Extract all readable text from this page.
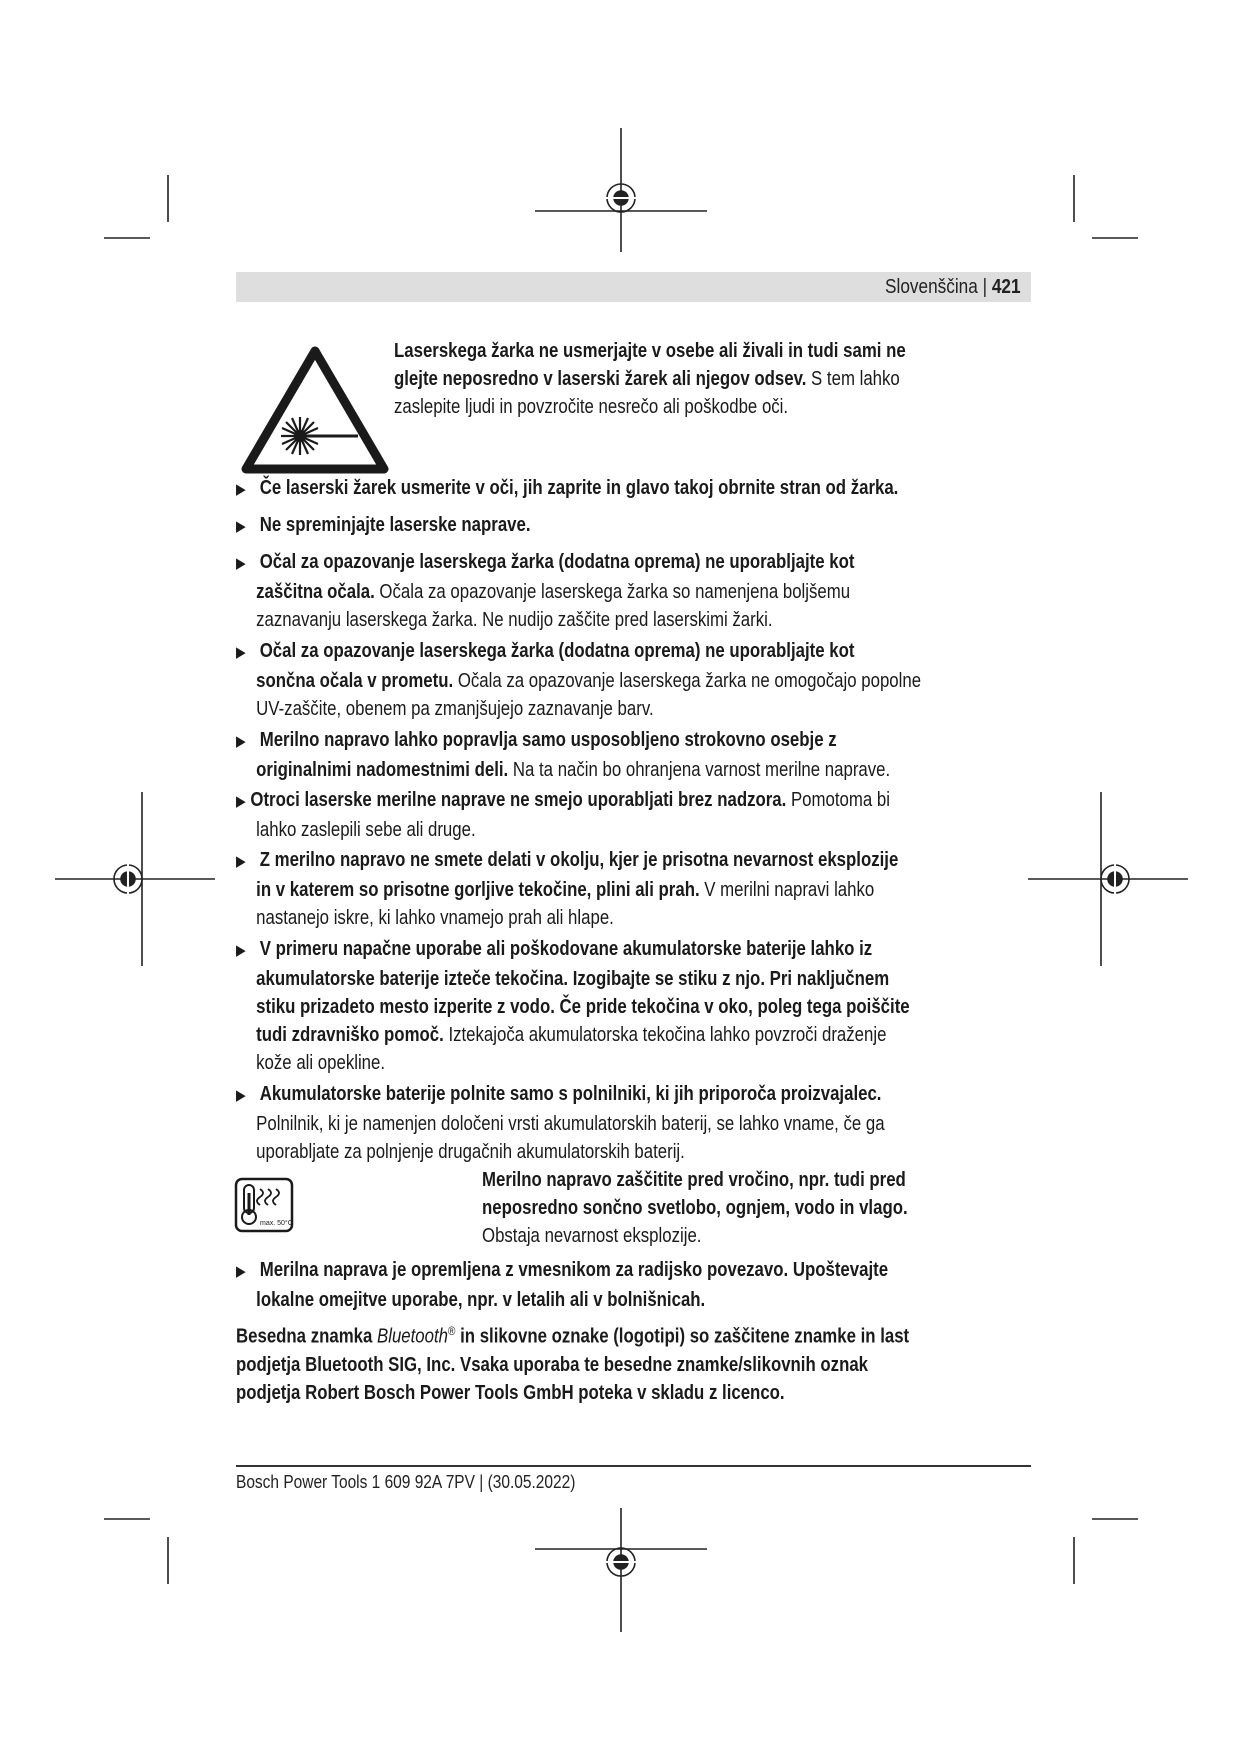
Slovenščina | 421
Laserskega žarka ne usmerjajte v osebe ali živali in tudi sami ne
glejte neposredno v laserski žarek ali njegov odsev. S tem lahko
zaslepite ljudi in povzročite nesrečo ali poškodbe oči.
▶ Če laserski žarek usmerite v oči, jih zaprite in glavo takoj obrnite stran od žarka.
▶ Ne spreminjajte laserske naprave.
▶ Očal za opazovanje laserskega žarka (dodatna oprema) ne uporabljajte kot
zaščitna očala. Očala za opazovanje laserskega žarka so namenjena boljšemu
zaznavanju laserskega žarka. Ne nudijo zaščite pred laserskimi žarki.
▶ Očal za opazovanje laserskega žarka (dodatna oprema) ne uporabljajte kot
sončna očala v prometu. Očala za opazovanje laserskega žarka ne omogočajo popolne
UV-zaščite, obenem pa zmanjšujejo zaznavanje barv.
▶ Merilno napravo lahko popravlja samo usposobljeno strokovno osebje z
originalnimi nadomestnimi deli. Na ta način bo ohranjena varnost merilne naprave.
▶ Otroci laserske merilne naprave ne smejo uporabljati brez nadzora. Pomotoma bi
lahko zaslepili sebe ali druge.
▶ Z merilno napravo ne smete delati v okolju, kjer je prisotna nevarnost eksplozije
in v katerem so prisotne gorljive tekočine, plini ali prah. V merilni napravi lahko
nastanejo iskre, ki lahko vnamejo prah ali hlape.
▶ V primeru napačne uporabe ali poškodovane akumulatorske baterije lahko iz
akumulatorske baterije izteče tekočina. Izogibajte se stiku z njo. Pri naključnem
stiku prizadeto mesto izperite z vodo. Če pride tekočina v oko, poleg tega poiščite
tudi zdravniško pomoč. Iztekajoča akumulatorska tekočina lahko povzroči draženje
kože ali opekline.
▶ Akumulatorske baterije polnite samo s polnilniki, ki jih priporoča proizvajalec.
Polnilnik, ki je namenjen določeni vrsti akumulatorskih baterij, se lahko vname, če ga
uporabljate za polnjenje drugačnih akumulatorskih baterij.
max. 50°C
Merilno napravo zaščitite pred vročino, npr. tudi pred
neposredno sončno svetlobo, ognjem, vodo in vlago.
Obstaja nevarnost eksplozije.
▶ Merilna naprava je opremljena z vmesnikom za radijsko povezavo. Upoštevajte
lokalne omejitve uporabe, npr. v letalih ali v bolnišnicah.
Besedna znamka Bluetooth® in slikovne oznake (logotipi) so zaščitene znamke in last
podjetja Bluetooth SIG, Inc. Vsaka uporaba te besedne znamke/slikovnih oznak
podjetja Robert Bosch Power Tools GmbH poteka v skladu z licenco.
Bosch Power Tools 1 609 92A 7PV | (30.05.2022)
